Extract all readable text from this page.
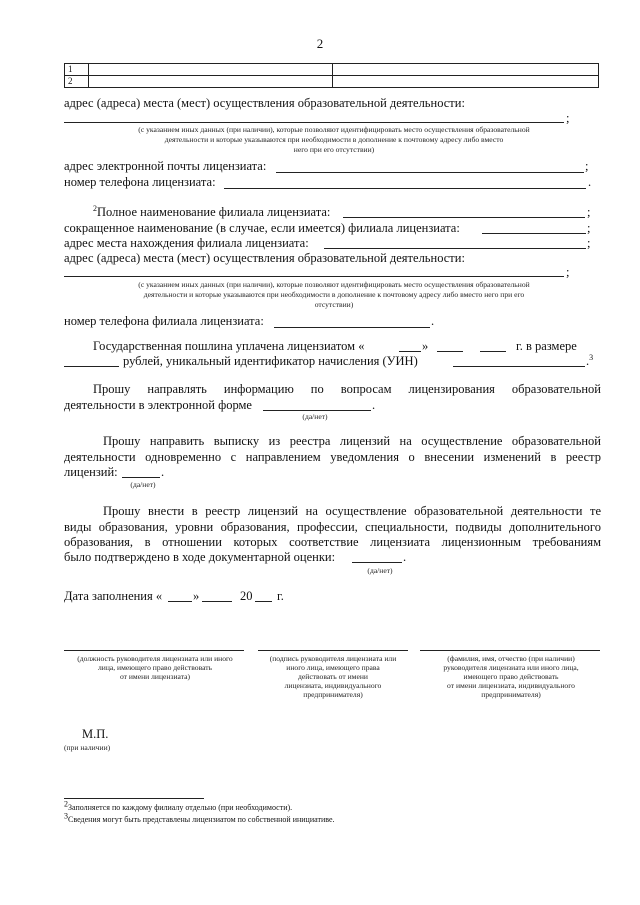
2
1		
2		
адрес (адреса) места (мест) осуществления образовательной деятельности:
;
(с указанием иных данных (при наличии), которые позволяют идентифицировать место осуществления образовательной
деятельности и которые указываются при необходимости в дополнение к почтовому адресу либо вместо
него при его отсутствии)
адрес электронной почты лицензиата:	;
номер телефона лицензиата:	.
$^2$Полное наименование филиала лицензиата:	;
сокращенное наименование (в случае, если имеется) филиала лицензиата:	;
адрес места нахождения филиала лицензиата:	;
адрес (адреса) места (мест) осуществления образовательной деятельности:
;
(с указанием иных данных (при наличии), которые позволяют идентифицировать место осуществления образовательной
деятельности и которые указываются при необходимости в дополнение к почтовому адресу либо вместо него при его
отсутствии)
номер телефона филиала лицензиата:	.
Государственная пошлина уплачена лицензиатом «	»	г. в размере
рублей, уникальный идентификатор начисления (УИН)	.$^3$
Прошу направлять информацию по вопросам лицензирования образовательной
деятельности в электронной форме	.
(да/нет)
Прошу направить выписку из реестра лицензий на осуществление образовательной
деятельности одновременно с направлением уведомления о внесении изменений в реестр
лицензий:	.
(да/нет)
Прошу внести в реестр лицензий на осуществление образовательной деятельности те
виды образования, уровни образования, профессии, специальности, подвиды дополнительного
образования, в отношении которых соответствие лицензиата лицензионным требованиям
было подтверждено в ходе документарной оценки:	.
(да/нет)
Дата заполнения « »	20 г.
(должность руководителя лицензиата или иного
лица, имеющего право действовать
от имени лицензиата)
(подпись руководителя лицензиата или
иного лица, имеющего права
действовать от имени
лицензиата, индивидуального
предпринимателя)
(фамилия, имя, отчество (при наличии)
руководителя лицензиата или иного лица,
имеющего право действовать
от имени лицензиата, индивидуального
предпринимателя)
М.П.
(при наличии)
$^2$Заполняется по каждому филиалу отдельно (при необходимости).
$^3$Сведения могут быть представлены лицензиатом по собственной инициативе.
